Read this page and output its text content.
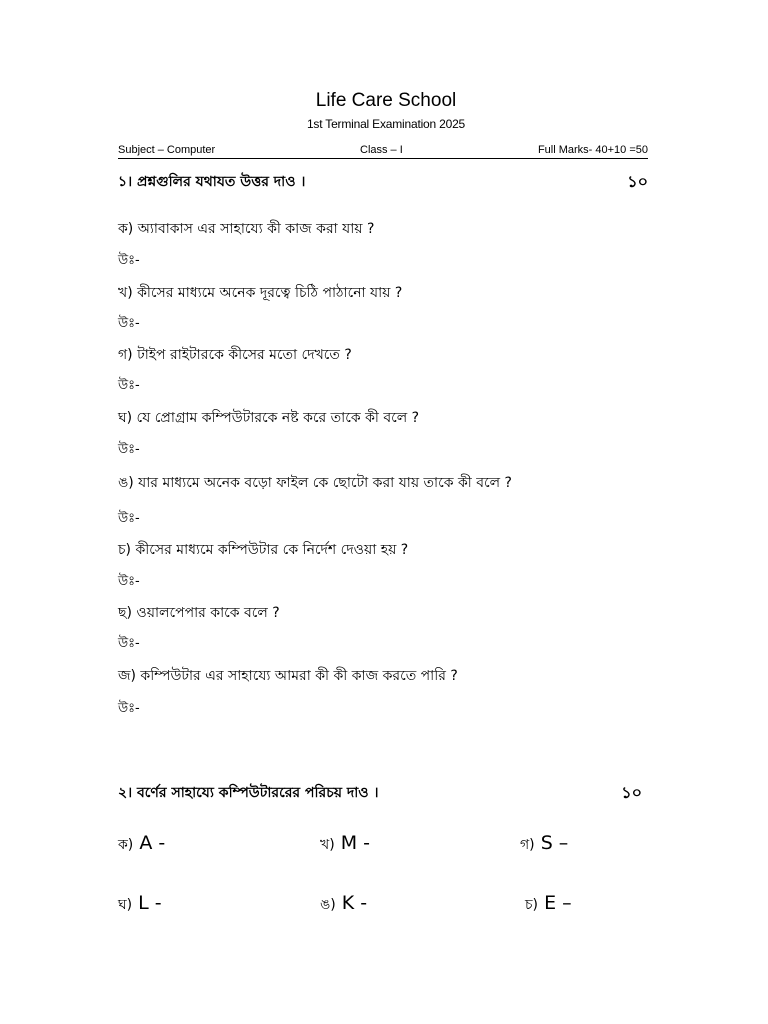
Life Care School
1st Terminal Examination 2025
Subject – Computer	Class – I	Full Marks- 40+10 =50
১। প্রশ্নগুলির যথাযত উত্তর দাও ।	১০
ক) অ্যাবাকাস এর সাহায্যে কী কাজ করা যায় ?
উঃ-
খ) কীসের মাধ্যমে অনেক দূরত্বে চিঠি পাঠানো যায় ?
উঃ-
গ) টাইপ রাইটারকে কীসের মতো দেখতে ?
উঃ-
ঘ) যে প্রোগ্রাম কম্পিউটারকে নষ্ট করে তাকে কী বলে ?
উঃ-
ঙ) যার মাধ্যমে অনেক বড়ো ফাইল কে ছোটো করা যায় তাকে কী বলে ?
উঃ-
চ) কীসের মাধ্যমে কম্পিউটার কে নির্দেশ দেওয়া হয় ?
উঃ-
ছ) ওয়ালপেপার কাকে বলে ?
উঃ-
জ) কম্পিউটার এর সাহায্যে আমরা কী কী কাজ করতে পারি ?
উঃ-
২। বর্ণের সাহায্যে কম্পিউটাররের পরিচয় দাও ।	১০
ক) A -	খ) M -	গ) S –
ঘ) L -	ঙ) K -	চ) E –
